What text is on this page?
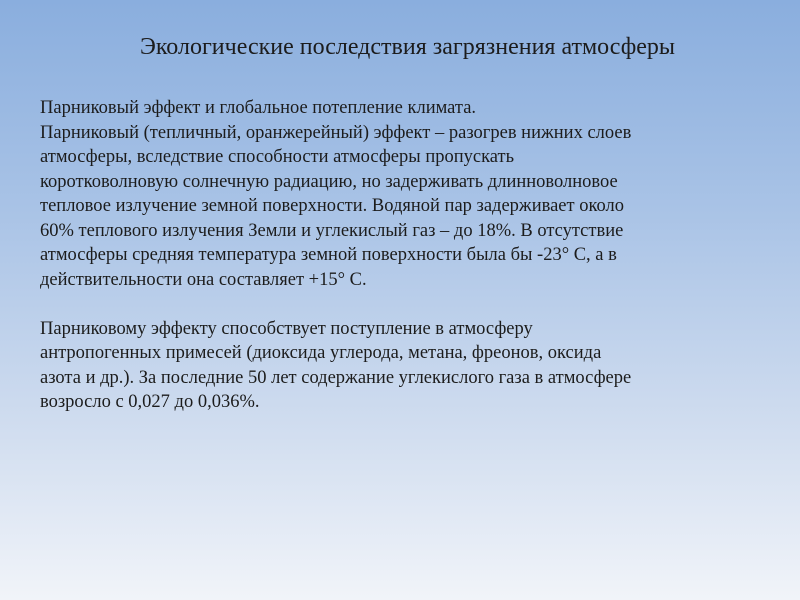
Экологические последствия загрязнения атмосферы
Парниковый эффект и глобальное потепление климата.
Парниковый (тепличный, оранжерейный) эффект – разогрев нижних слоев
атмосферы, вследствие способности атмосферы пропускать
коротковолновую солнечную радиацию, но задерживать длинноволновое
тепловое излучение земной поверхности. Водяной пар задерживает около
60% теплового излучения Земли и углекислый газ – до 18%. В отсутствие
атмосферы средняя температура земной поверхности была бы -23° С, а в
действительности она составляет +15° С.
Парниковому эффекту способствует поступление в атмосферу
антропогенных примесей (диоксида углерода, метана, фреонов, оксида
азота и др.). За последние 50 лет содержание углекислого газа в атмосфере
возросло с 0,027 до 0,036%.
